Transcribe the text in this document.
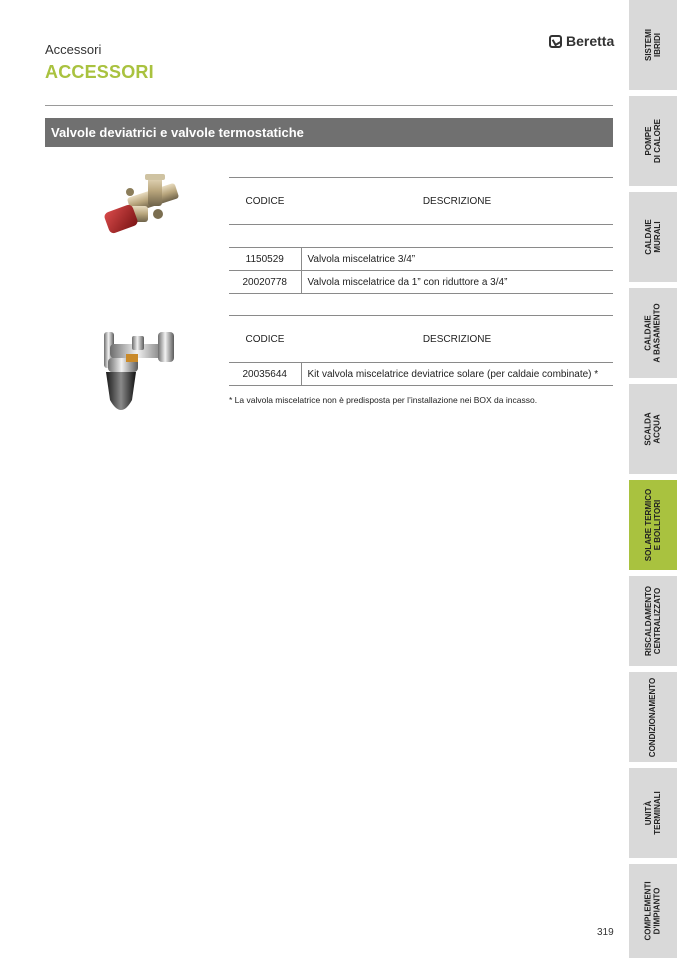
Accessori
ACCESSORI
Beretta
Valvole deviatrici e valvole termostatiche
CODICE	DESCRIZIONE

1150529	Valvola miscelatrice 3/4”
20020778	Valvola miscelatrice da 1” con riduttore a 3/4”
CODICE	DESCRIZIONE
20035644	Kit valvola miscelatrice deviatrice solare (per caldaie combinate) *
* La valvola miscelatrice non è predisposta per l’installazione nei BOX da incasso.
319
SISTEMI
IBRIDI
POMPE
DI CALORE
CALDAIE
MURALI
CALDAIE
A BASAMENTO
SCALDA
ACQUA
SOLARE TERMICO
E BOLLITORI
RISCALDAMENTO
CENTRALIZZATO
CONDIZIONAMENTO
UNITÀ
TERMINALI
COMPLEMENTI
D'IMPIANTO
